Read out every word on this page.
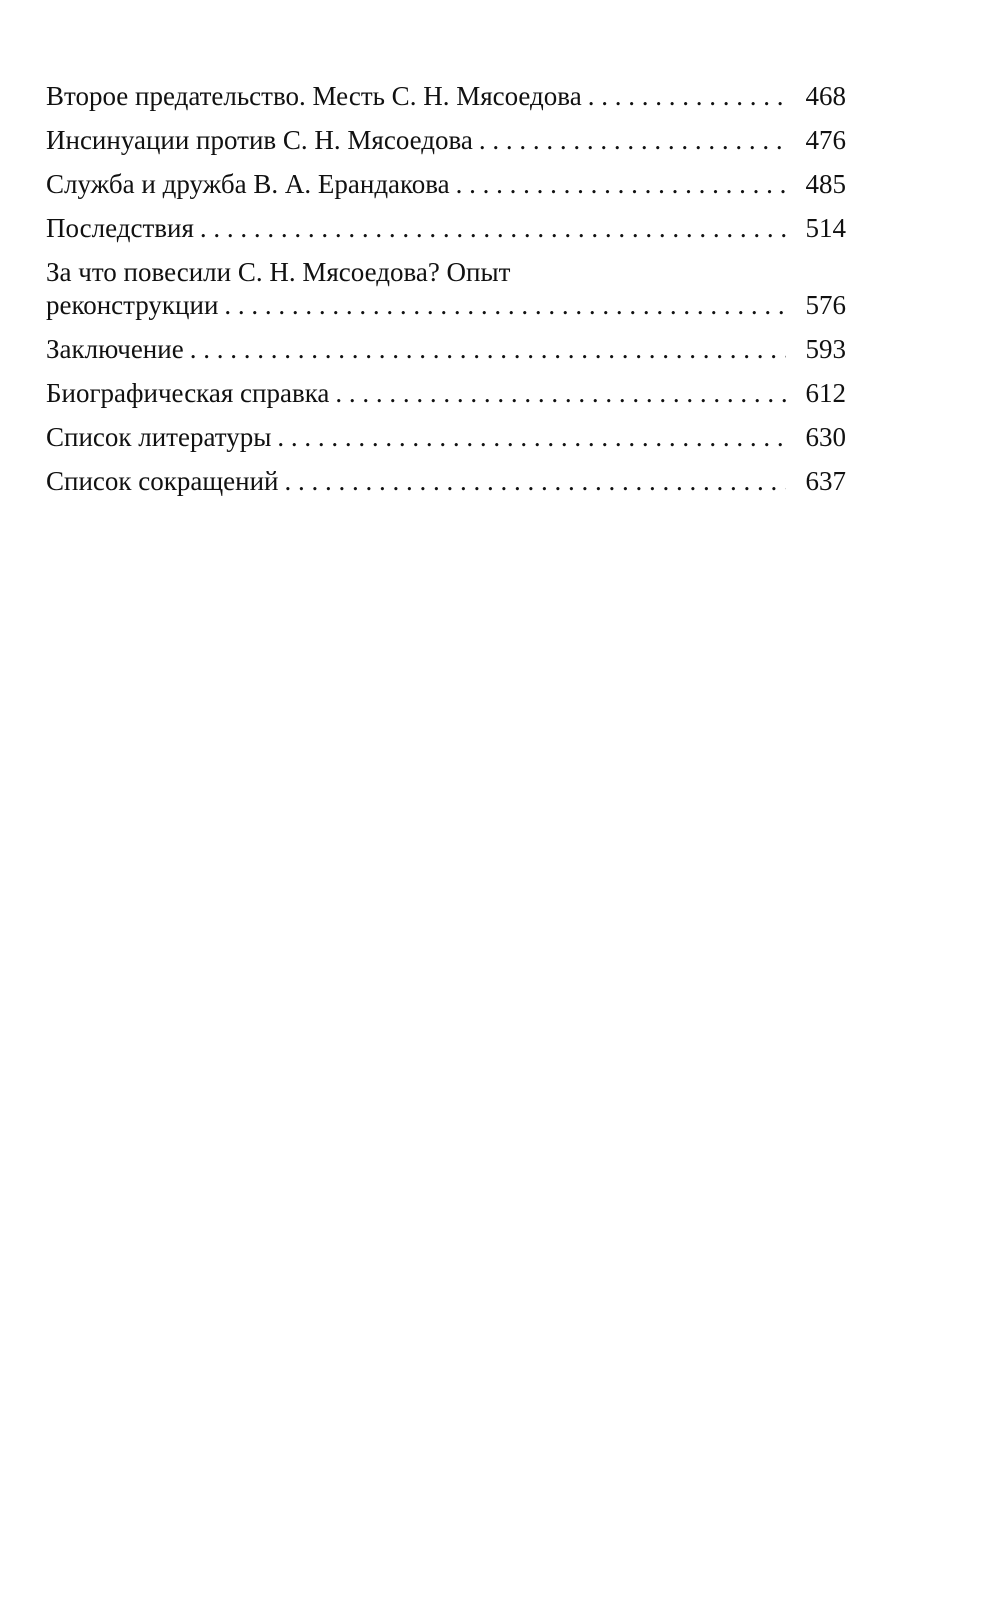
Второе предательство. Месть С. Н. Мясоедова . . .	468
Инсинуации против С. Н. Мясоедова . . .	476
Служба и дружба В. А. Ерандакова . . .	485
Последствия . . .	514
За что повесили С. Н. Мясоедова? Опыт
реконструкции . . .	576
Заключение . . .	593
Биографическая справка . . .	612
Список литературы . . .	630
Список сокращений . . .	637
